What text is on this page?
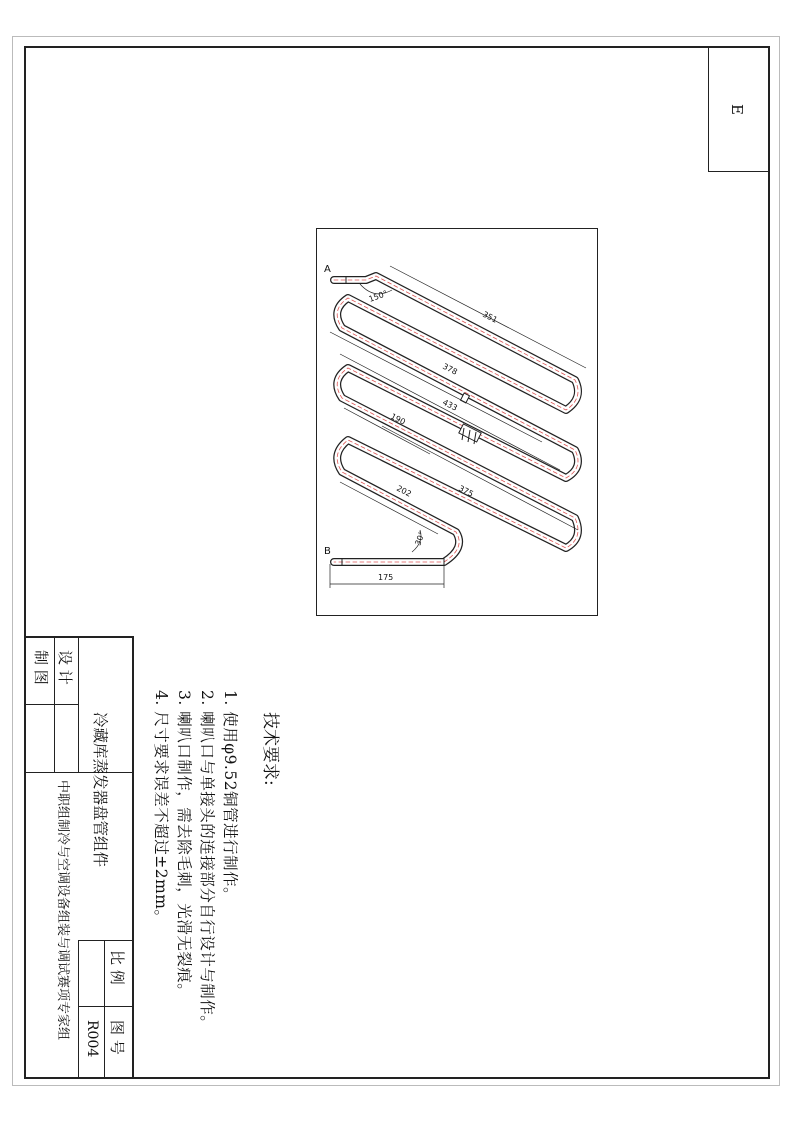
E
A
B
150°
30°
351
378
433
190
202	375
175
技术要求:
1. 使用φ9.52铜管进行制作。
2. 喇叭口与单接头的连接部分自行设计与制作。
3. 喇叭口制作，需去除毛刺，光滑无裂痕。
4. 尺寸要求误差不超过±2mm。
设 计
制 图
冷藏库蒸发器盘管组件
比 例
图 号
R004
中职组制冷与空调设备组装与调试赛项专家组
